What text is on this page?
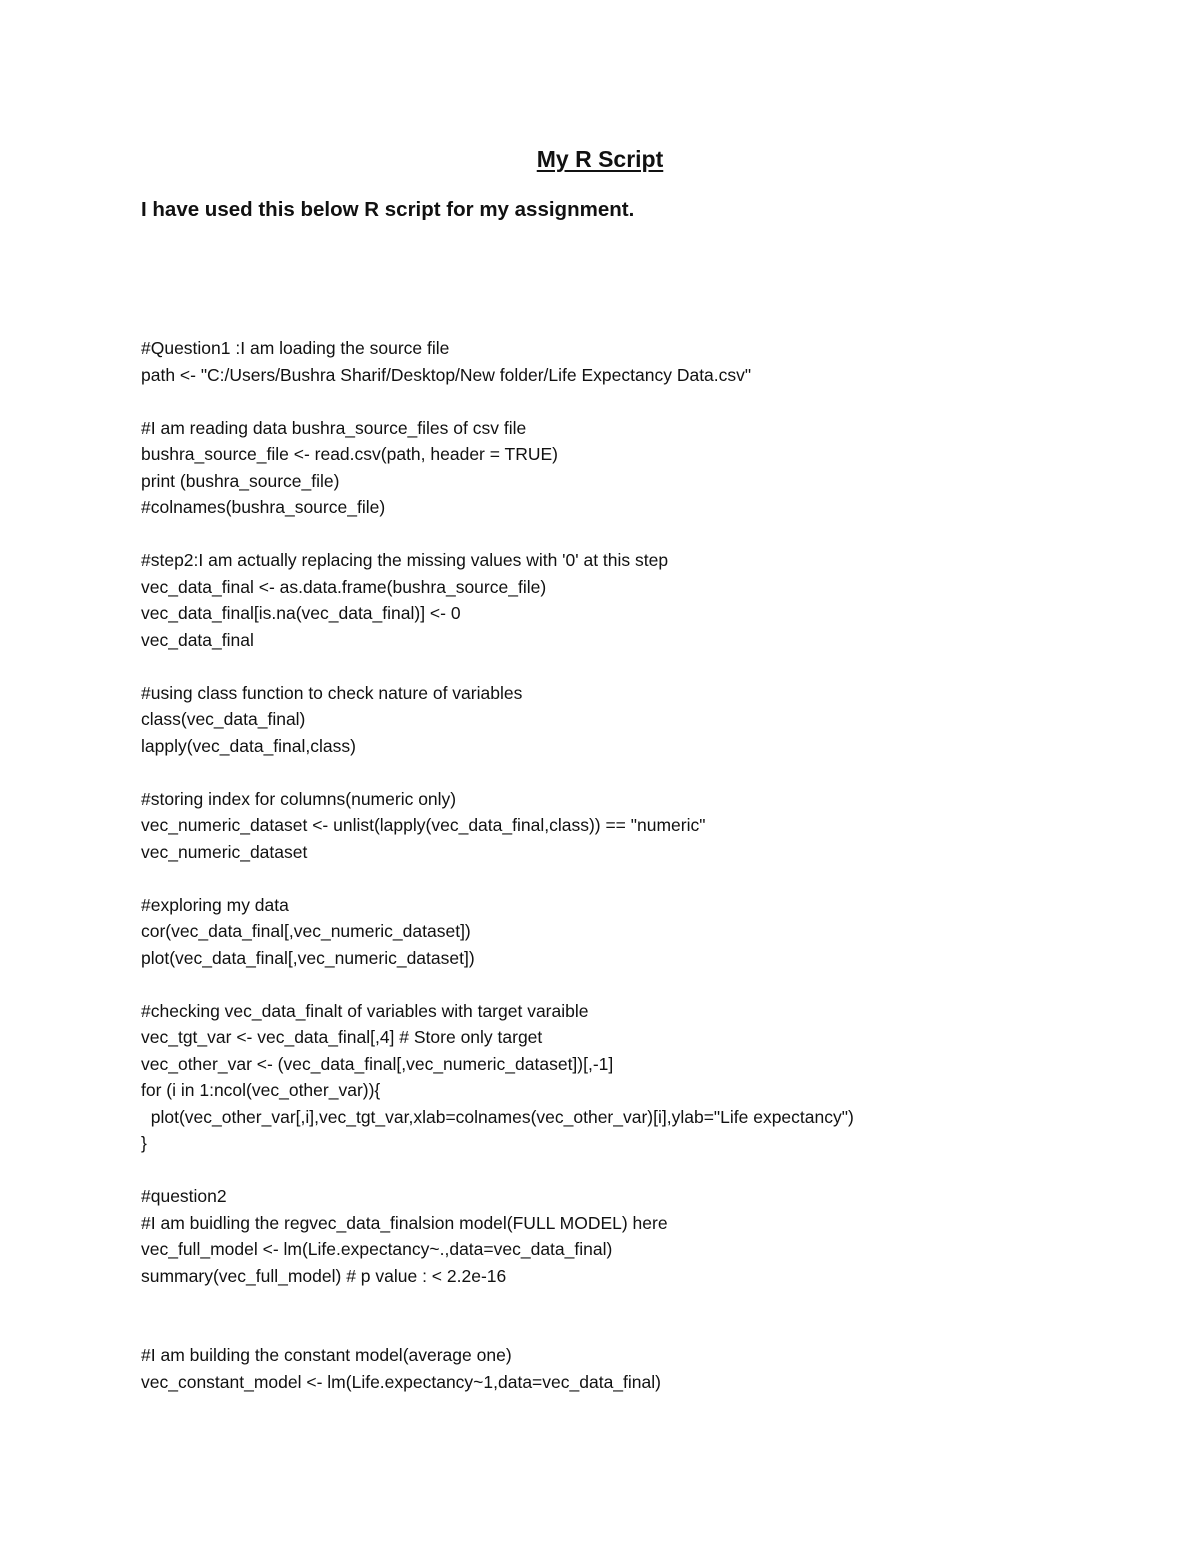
My R Script
I have used this below R script for my assignment.
#Question1 :I am loading the source file
path <- "C:/Users/Bushra Sharif/Desktop/New folder/Life Expectancy Data.csv"
#I am reading data bushra_source_files of csv file
bushra_source_file <- read.csv(path, header = TRUE)
print (bushra_source_file)
#colnames(bushra_source_file)
#step2:I am actually replacing the missing values with '0' at this step
vec_data_final <- as.data.frame(bushra_source_file)
vec_data_final[is.na(vec_data_final)] <- 0
vec_data_final
#using class function to check nature of variables
class(vec_data_final)
lapply(vec_data_final,class)
#storing index for columns(numeric only)
vec_numeric_dataset <- unlist(lapply(vec_data_final,class)) == "numeric"
vec_numeric_dataset
#exploring my data
cor(vec_data_final[,vec_numeric_dataset])
plot(vec_data_final[,vec_numeric_dataset])
#checking vec_data_finalt of variables with target varaible
vec_tgt_var <- vec_data_final[,4] # Store only target
vec_other_var <- (vec_data_final[,vec_numeric_dataset])[,-1]
for (i in 1:ncol(vec_other_var)){
plot(vec_other_var[,i],vec_tgt_var,xlab=colnames(vec_other_var)[i],ylab="Life expectancy")
}
#question2
#I am buidling the regvec_data_finalsion model(FULL MODEL) here
vec_full_model <- lm(Life.expectancy~.,data=vec_data_final)
summary(vec_full_model) # p value : < 2.2e-16
#I am building the constant model(average one)
vec_constant_model <- lm(Life.expectancy~1,data=vec_data_final)
